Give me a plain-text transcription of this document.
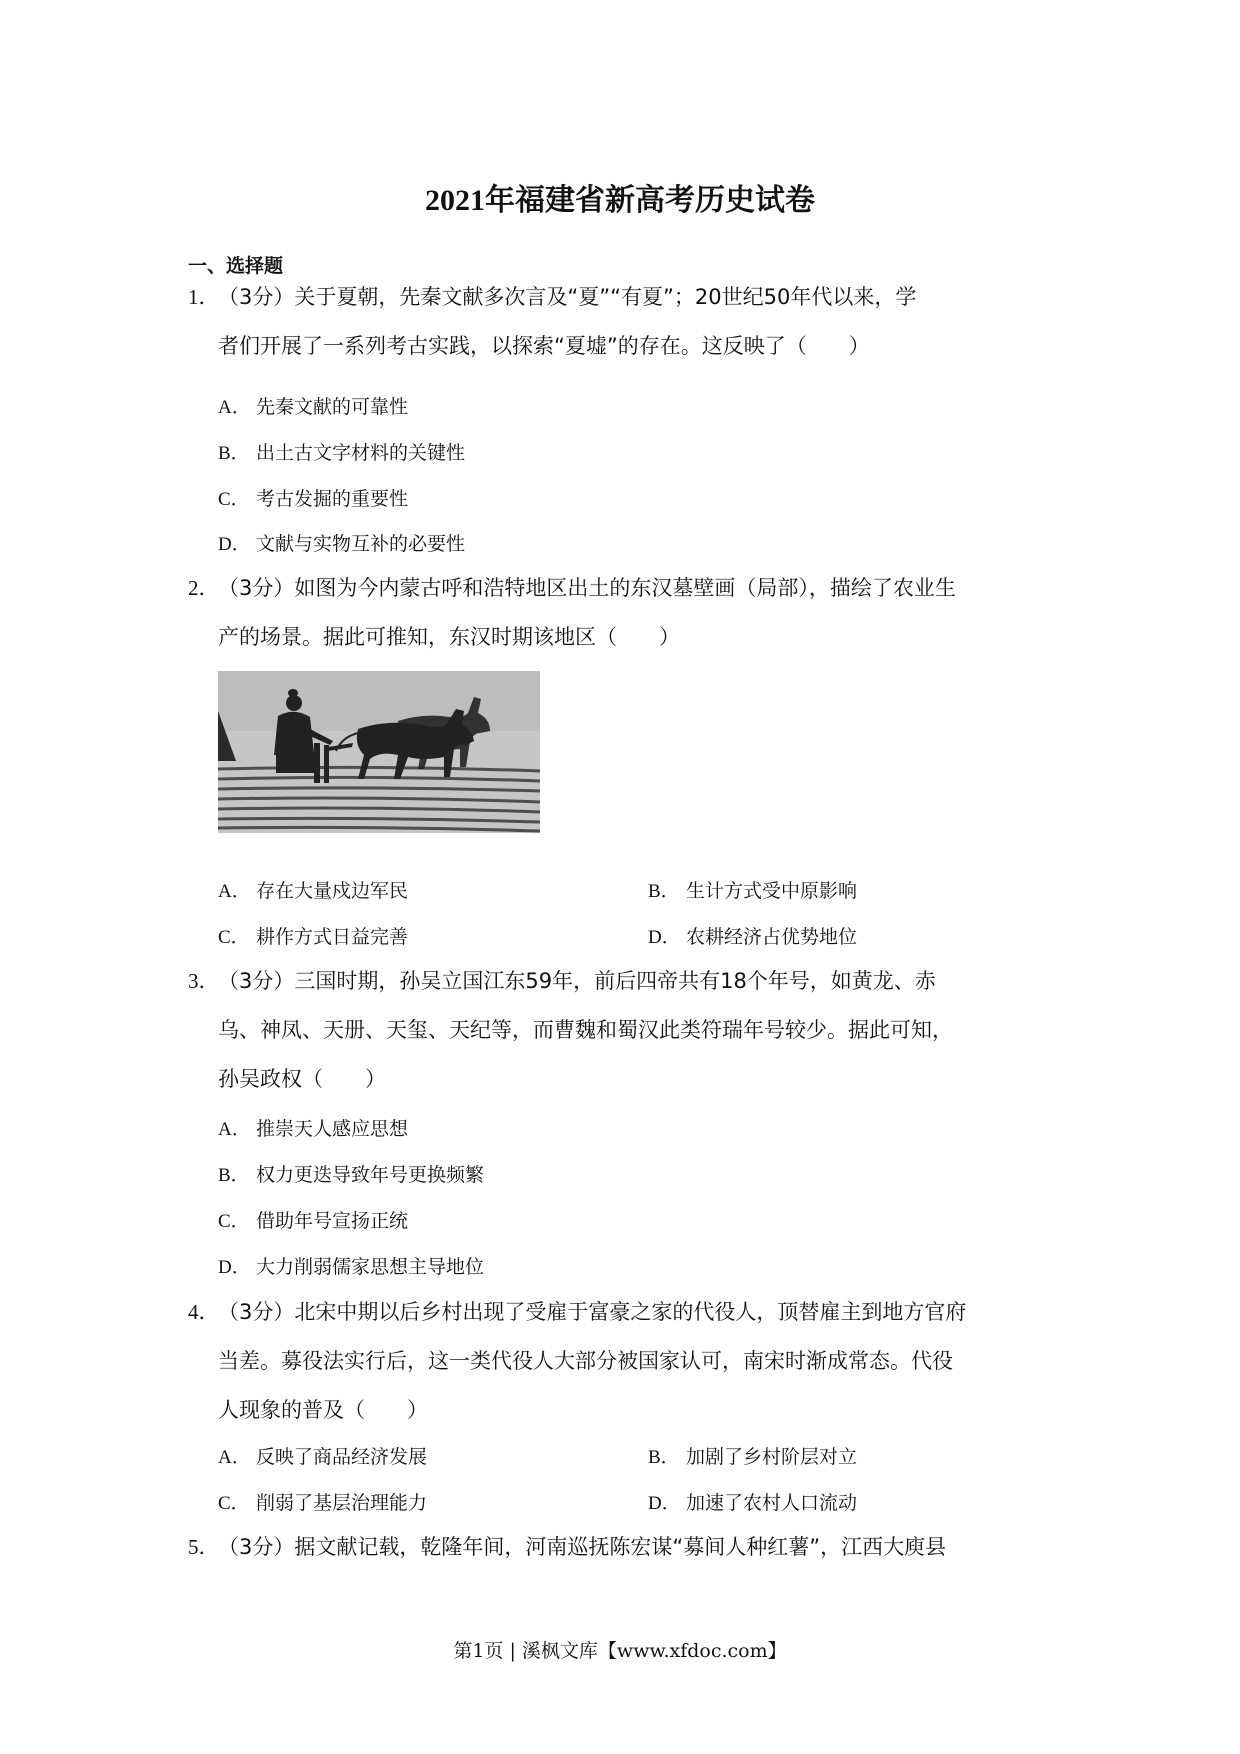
2021年福建省新高考历史试卷
一、选择题
1．（3分）关于夏朝，先秦文献多次言及“夏”“有夏”；20世纪50年代以来，学
者们开展了一系列考古实践，以探索“夏墟”的存在。这反映了（　　）
A． 先秦文献的可靠性
B． 出土古文字材料的关键性
C． 考古发掘的重要性
D． 文献与实物互补的必要性
2．（3分）如图为今内蒙古呼和浩特地区出土的东汉墓壁画（局部），描绘了农业生
产的场景。据此可推知，东汉时期该地区（　　）
A． 存在大量戍边军民	B． 生计方式受中原影响
C． 耕作方式日益完善	D． 农耕经济占优势地位
3．（3分）三国时期，孙吴立国江东59年，前后四帝共有18个年号，如黄龙、赤
乌、神凤、天册、天玺、天纪等，而曹魏和蜀汉此类符瑞年号较少。据此可知，
孙吴政权（　　）
A． 推崇天人感应思想
B． 权力更迭导致年号更换频繁
C． 借助年号宣扬正统
D． 大力削弱儒家思想主导地位
4．（3分）北宋中期以后乡村出现了受雇于富豪之家的代役人，顶替雇主到地方官府
当差。募役法实行后，这一类代役人大部分被国家认可，南宋时渐成常态。代役
人现象的普及（　　）
A． 反映了商品经济发展	B． 加剧了乡村阶层对立
C． 削弱了基层治理能力	D． 加速了农村人口流动
5．（3分）据文献记载，乾隆年间，河南巡抚陈宏谋“募间人种红薯”，江西大庾县
第1页 | 溪枫文库【www.xfdoc.com】
